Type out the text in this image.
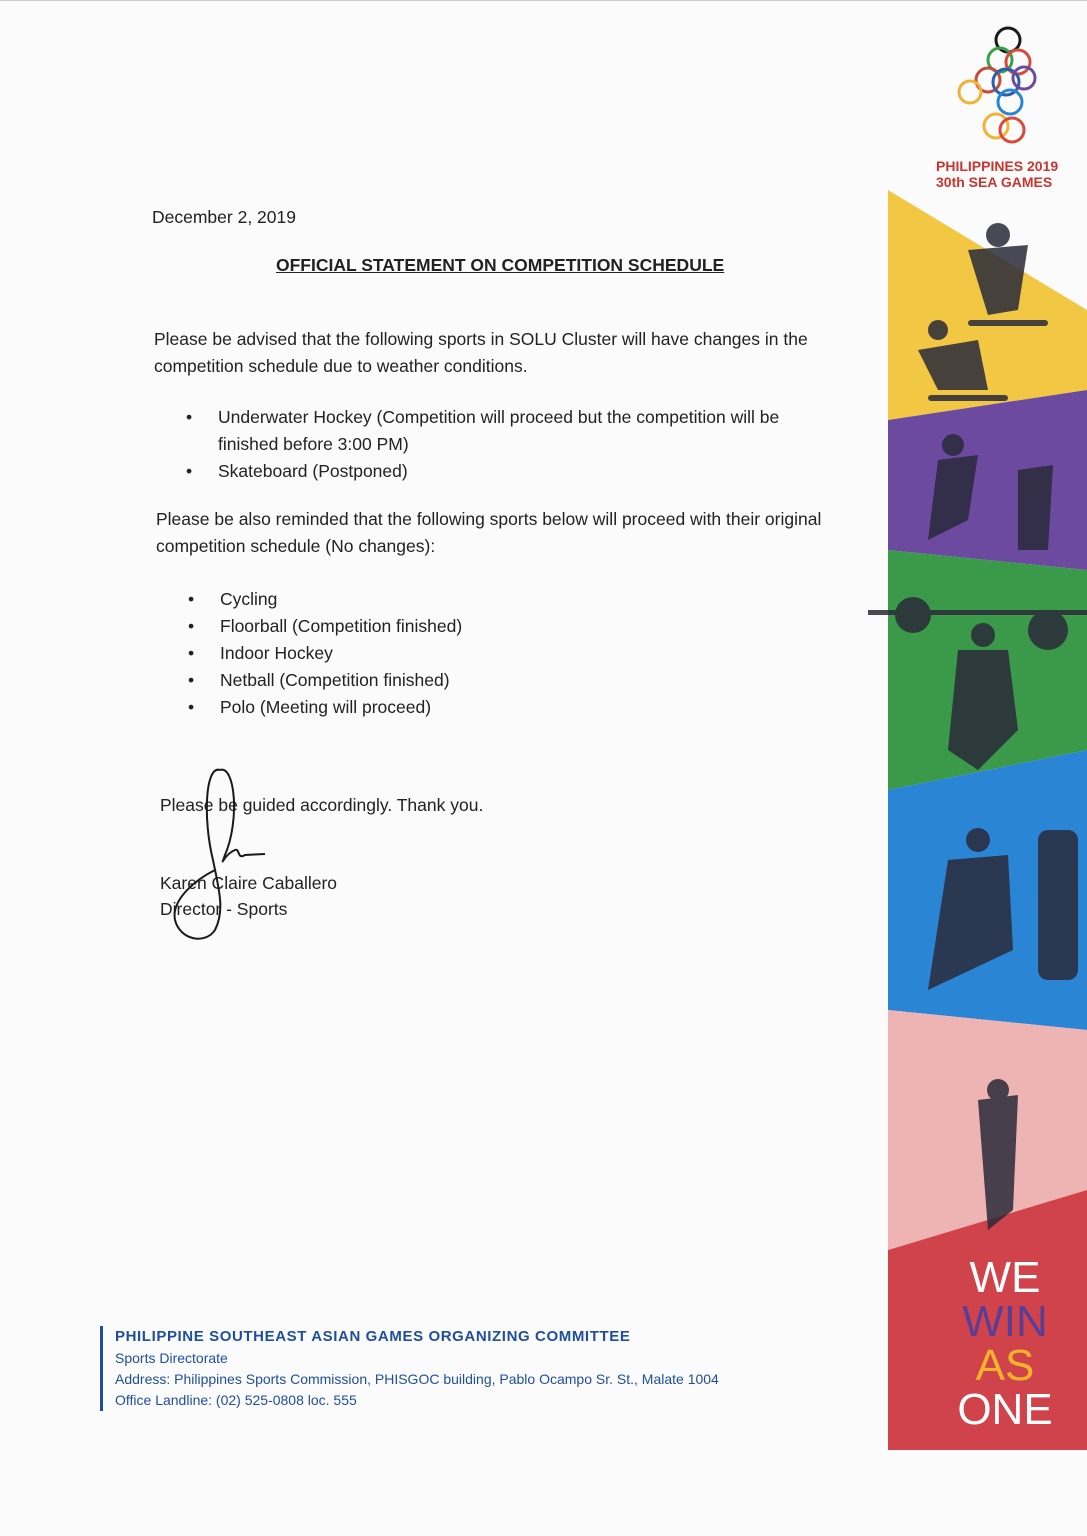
PHILIPPINES 2019
30th SEA GAMES
December 2, 2019
OFFICIAL STATEMENT ON COMPETITION SCHEDULE
Please be advised that the following sports in SOLU Cluster will have changes in the competition schedule due to weather conditions.
• Underwater Hockey (Competition will proceed but the competition will be finished before 3:00 PM)
• Skateboard (Postponed)
Please be also reminded that the following sports below will proceed with their original competition schedule (No changes):
• Cycling
• Floorball (Competition finished)
• Indoor Hockey
• Netball (Competition finished)
• Polo (Meeting will proceed)
Please be guided accordingly. Thank you.
Karen Claire Caballero
Director - Sports
WE
WIN
AS
ONE
PHILIPPINE SOUTHEAST ASIAN GAMES ORGANIZING COMMITTEE
Sports Directorate
Address: Philippines Sports Commission, PHISGOC building, Pablo Ocampo Sr. St., Malate 1004
Office Landline: (02) 525-0808 loc. 555
